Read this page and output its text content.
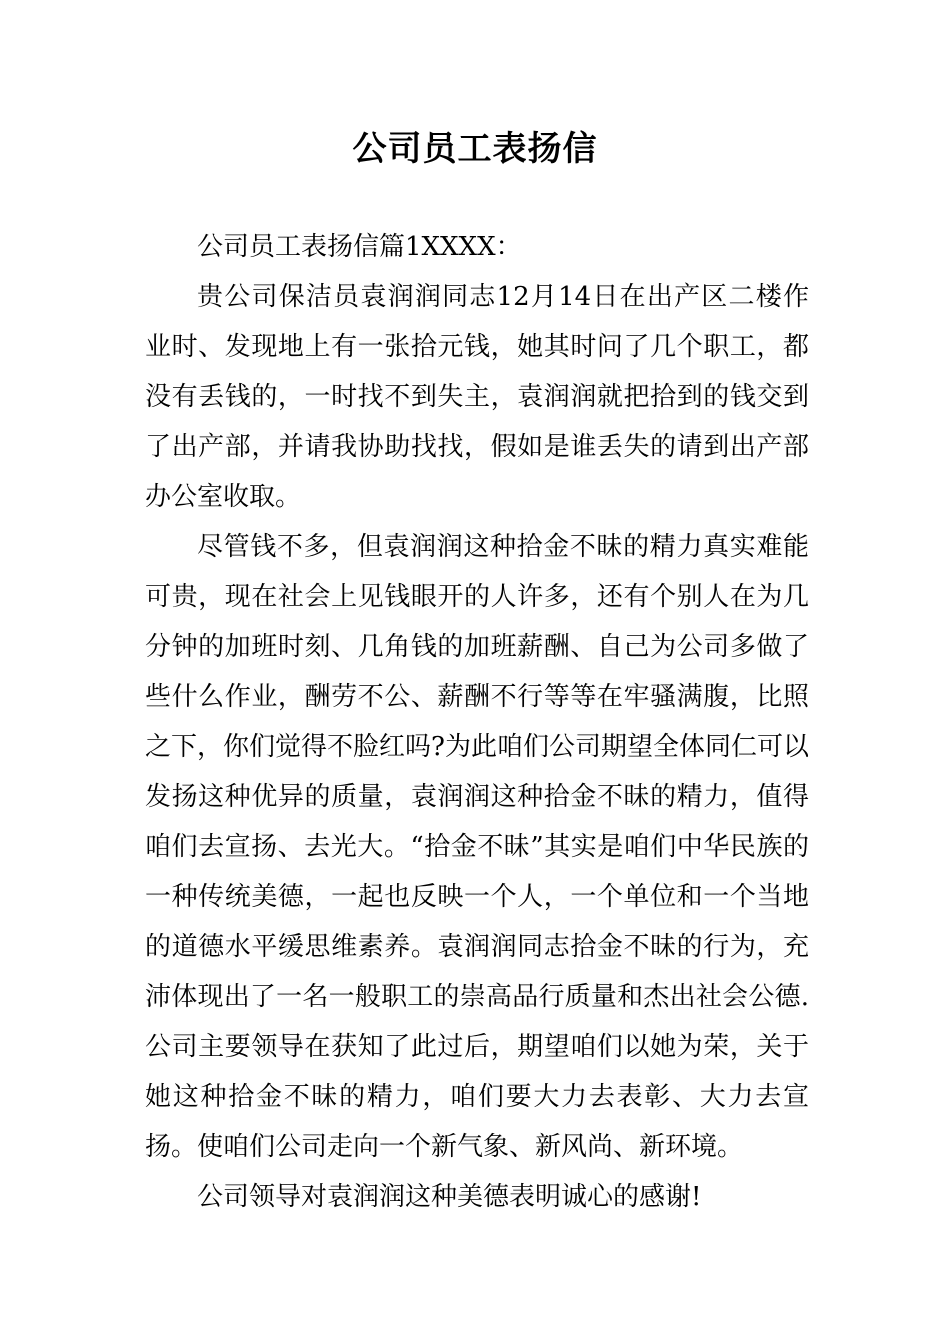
公司员工表扬信

公司员工表扬信篇1XXXX：

贵公司保洁员袁润润同志12月14日在出产区二楼作业时、发现地上有一张拾元钱，她其时问了几个职工，都没有丢钱的，一时找不到失主，袁润润就把拾到的钱交到了出产部，并请我协助找找，假如是谁丢失的请到出产部办公室收取。

尽管钱不多，但袁润润这种拾金不昧的精力真实难能可贵，现在社会上见钱眼开的人许多，还有个别人在为几分钟的加班时刻、几角钱的加班薪酬、自己为公司多做了些什么作业，酬劳不公、薪酬不行等等在牢骚满腹，比照之下，你们觉得不脸红吗?为此咱们公司期望全体同仁可以发扬这种优异的质量，袁润润这种拾金不昧的精力，值得咱们去宣扬、去光大。“拾金不昧”其实是咱们中华民族的一种传统美德，一起也反映一个人，一个单位和一个当地的道德水平缓思维素养。袁润润同志拾金不昧的行为，充沛体现出了一名一般职工的崇高品行质量和杰出社会公德.公司主要领导在获知了此过后，期望咱们以她为荣，关于她这种拾金不昧的精力，咱们要大力去表彰、大力去宣扬。使咱们公司走向一个新气象、新风尚、新环境。

公司领导对袁润润这种美德表明诚心的感谢!
